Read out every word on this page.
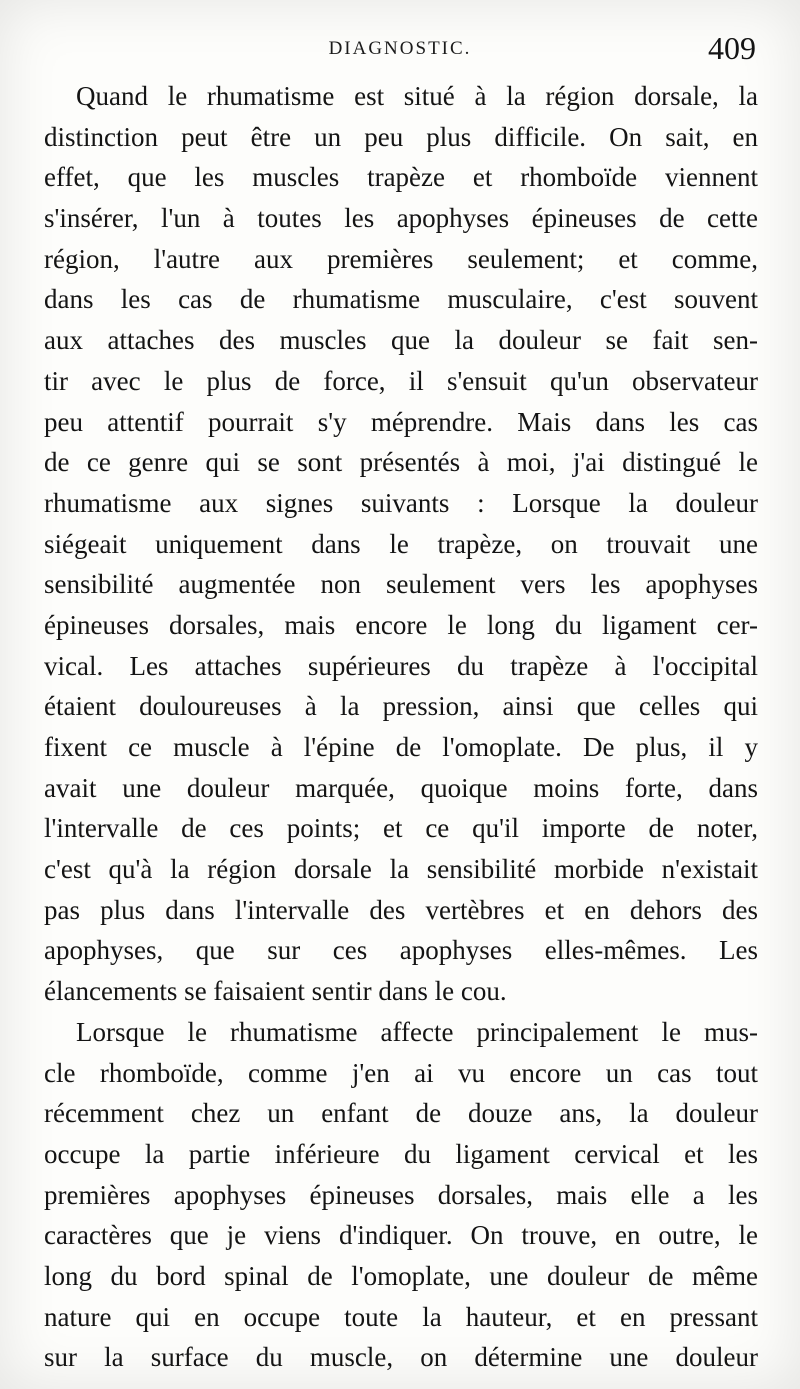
DIAGNOSTIC.	409
Quand le rhumatisme est situé à la région dorsale, la
distinction peut être un peu plus difficile. On sait, en
effet, que les muscles trapèze et rhomboïde viennent
s'insérer, l'un à toutes les apophyses épineuses de cette
région, l'autre aux premières seulement; et comme,
dans les cas de rhumatisme musculaire, c'est souvent
aux attaches des muscles que la douleur se fait sen-
tir avec le plus de force, il s'ensuit qu'un observateur
peu attentif pourrait s'y méprendre. Mais dans les cas
de ce genre qui se sont présentés à moi, j'ai distingué le
rhumatisme aux signes suivants : Lorsque la douleur
siégeait uniquement dans le trapèze, on trouvait une
sensibilité augmentée non seulement vers les apophyses
épineuses dorsales, mais encore le long du ligament cer-
vical. Les attaches supérieures du trapèze à l'occipital
étaient douloureuses à la pression, ainsi que celles qui
fixent ce muscle à l'épine de l'omoplate. De plus, il y
avait une douleur marquée, quoique moins forte, dans
l'intervalle de ces points; et ce qu'il importe de noter,
c'est qu'à la région dorsale la sensibilité morbide n'existait
pas plus dans l'intervalle des vertèbres et en dehors des
apophyses, que sur ces apophyses elles-mêmes. Les
élancements se faisaient sentir dans le cou.
Lorsque le rhumatisme affecte principalement le mus-
cle rhomboïde, comme j'en ai vu encore un cas tout
récemment chez un enfant de douze ans, la douleur
occupe la partie inférieure du ligament cervical et les
premières apophyses épineuses dorsales, mais elle a les
caractères que je viens d'indiquer. On trouve, en outre, le
long du bord spinal de l'omoplate, une douleur de même
nature qui en occupe toute la hauteur, et en pressant
sur la surface du muscle, on détermine une douleur
